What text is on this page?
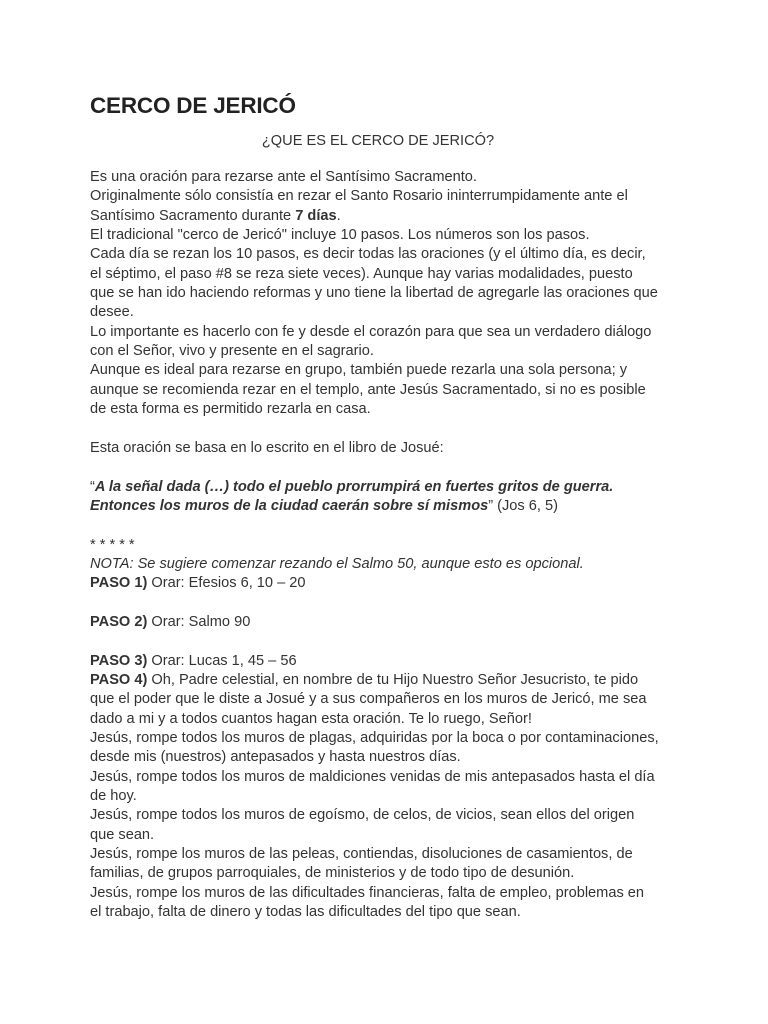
CERCO DE JERICÓ
¿QUE ES EL CERCO DE JERICÓ?
Es una oración para rezarse ante el Santísimo Sacramento.
Originalmente sólo consistía en rezar el Santo Rosario ininterrumpidamente ante el
Santísimo Sacramento durante 7 días.
El tradicional "cerco de Jericó" incluye 10 pasos. Los números son los pasos.
Cada día se rezan los 10 pasos, es decir todas las oraciones (y el último día, es decir,
el séptimo, el paso #8 se reza siete veces). Aunque hay varias modalidades, puesto
que se han ido haciendo reformas y uno tiene la libertad de agregarle las oraciones que
desee.
Lo importante es hacerlo con fe y desde el corazón para que sea un verdadero diálogo
con el Señor, vivo y presente en el sagrario.
Aunque es ideal para rezarse en grupo, también puede rezarla una sola persona; y
aunque se recomienda rezar en el templo, ante Jesús Sacramentado, si no es posible
de esta forma es permitido rezarla en casa.
Esta oración se basa en lo escrito en el libro de Josué:
“A la señal dada (…) todo el pueblo prorrumpirá en fuertes gritos de guerra.
Entonces los muros de la ciudad caerán sobre sí mismos” (Jos 6, 5)
* * * * *
NOTA: Se sugiere comenzar rezando el Salmo 50, aunque esto es opcional.
PASO 1) Orar: Efesios 6, 10 – 20
PASO 2) Orar: Salmo 90
PASO 3) Orar: Lucas 1, 45 – 56
PASO 4) Oh, Padre celestial, en nombre de tu Hijo Nuestro Señor Jesucristo, te pido
que el poder que le diste a Josué y a sus compañeros en los muros de Jericó, me sea
dado a mi y a todos cuantos hagan esta oración. Te lo ruego, Señor!
Jesús, rompe todos los muros de plagas, adquiridas por la boca o por contaminaciones,
desde mis (nuestros) antepasados y hasta nuestros días.
Jesús, rompe todos los muros de maldiciones venidas de mis antepasados hasta el día
de hoy.
Jesús, rompe todos los muros de egoísmo, de celos, de vicios, sean ellos del origen
que sean.
Jesús, rompe los muros de las peleas, contiendas, disoluciones de casamientos, de
familias, de grupos parroquiales, de ministerios y de todo tipo de desunión.
Jesús, rompe los muros de las dificultades financieras, falta de empleo, problemas en
el trabajo, falta de dinero y todas las dificultades del tipo que sean.
